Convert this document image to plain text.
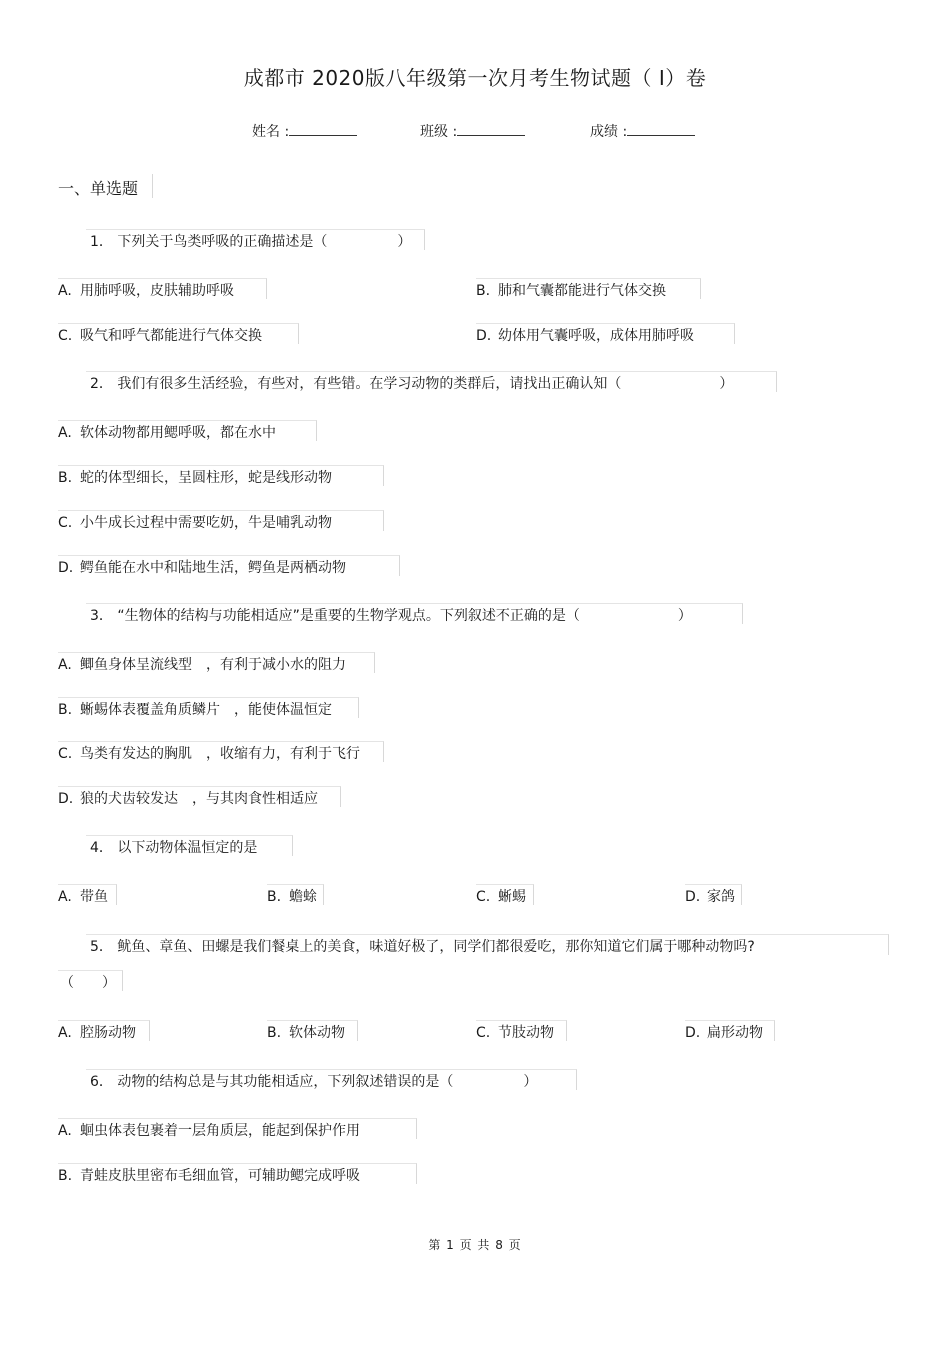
成都市 2020版八年级第一次月考生物试题（ I）卷
姓名 :	班级 :	成绩 :
一、单选题
1． 下列关于鸟类呼吸的正确描述是（　　　　　）
A. 用肺呼吸，皮肤辅助呼吸	B. 肺和气囊都能进行气体交换
C. 吸气和呼气都能进行气体交换	D. 幼体用气囊呼吸，成体用肺呼吸
2． 我们有很多生活经验，有些对，有些错。在学习动物的类群后，请找出正确认知（　　　　　　　）
A. 软体动物都用鳃呼吸，都在水中
B. 蛇的体型细长，呈圆柱形，蛇是线形动物
C. 小牛成长过程中需要吃奶，牛是哺乳动物
D. 鳄鱼能在水中和陆地生活，鳄鱼是两栖动物
3． “生物体的结构与功能相适应”是重要的生物学观点。下列叙述不正确的是（　　　　　　　）
A. 鲫鱼身体呈流线型　，有利于减小水的阻力
B. 蜥蜴体表覆盖角质鳞片　，能使体温恒定
C. 鸟类有发达的胸肌　，收缩有力，有利于飞行
D. 狼的犬齿较发达　，与其肉食性相适应
4． 以下动物体温恒定的是
A. 带鱼	B. 蟾蜍	C. 蜥蜴	D. 家鸽
5． 鱿鱼、章鱼、田螺是我们餐桌上的美食，味道好极了，同学们都很爱吃，那你知道它们属于哪种动物吗?
（　　）
A. 腔肠动物	B. 软体动物	C. 节肢动物	D. 扁形动物
6． 动物的结构总是与其功能相适应，下列叙述错误的是（　　　　　）
A. 蛔虫体表包裹着一层角质层，能起到保护作用
B. 青蛙皮肤里密布毛细血管，可辅助鳃完成呼吸
第 1 页 共 8 页
